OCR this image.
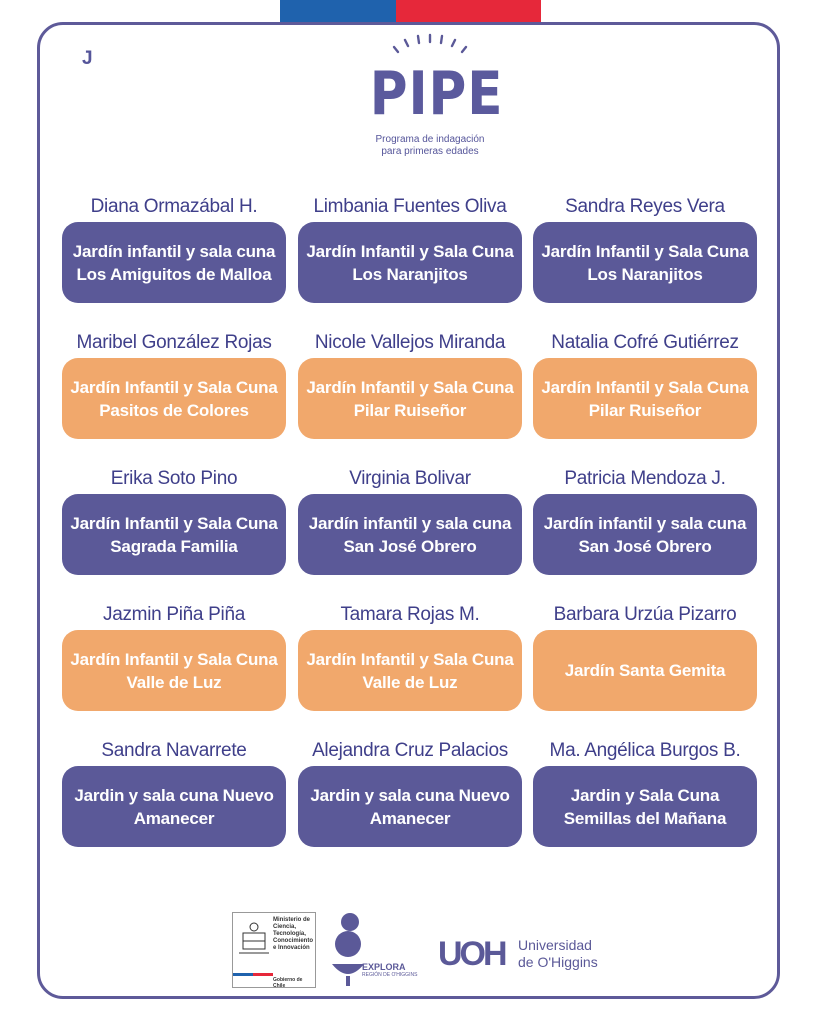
J
PIPE
Programa de indagación
para primeras edades
Diana Ormazábal H.
Jardín infantil y sala cuna Los Amiguitos de Malloa
Limbania Fuentes Oliva
Jardín Infantil y Sala Cuna Los Naranjitos
Sandra Reyes Vera
Jardín Infantil y Sala Cuna Los Naranjitos
Maribel González Rojas
Jardín Infantil y Sala Cuna Pasitos de Colores
Nicole Vallejos Miranda
Jardín Infantil y Sala Cuna Pilar Ruiseñor
Natalia Cofré Gutiérrez
Jardín Infantil y Sala Cuna Pilar Ruiseñor
Erika Soto Pino
Jardín Infantil y Sala Cuna Sagrada Familia
Virginia Bolivar
Jardín infantil y sala cuna San José Obrero
Patricia Mendoza J.
Jardín infantil y sala cuna San José Obrero
Jazmin Piña Piña
Jardín Infantil y Sala Cuna Valle de Luz
Tamara Rojas M.
Jardín Infantil y Sala Cuna Valle de Luz
Barbara Urzúa Pizarro
Jardín Santa Gemita
Sandra Navarrete
Jardin y sala cuna Nuevo Amanecer
Alejandra Cruz Palacios
Jardin y sala cuna Nuevo Amanecer
Ma. Angélica Burgos B.
Jardin y Sala Cuna Semillas del Mañana
Ministerio de Ciencia, Tecnología, Conocimiento e Innovación
Gobierno de Chile
EXPLORA
REGIÓN DE O'HIGGINS
UOH Universidad
de O'Higgins
